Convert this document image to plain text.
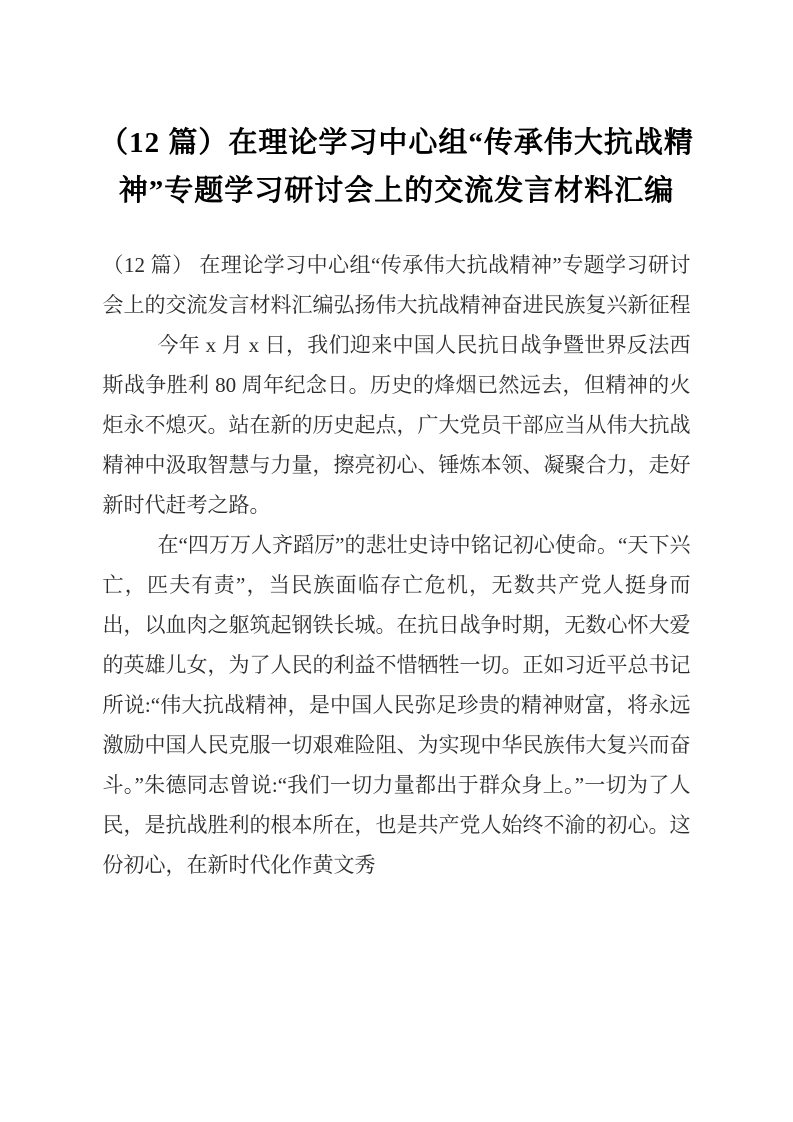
（12 篇）在理论学习中心组“传承伟大抗战精神”专题学习研讨会上的交流发言材料汇编

（12 篇） 在理论学习中心组“传承伟大抗战精神”专题学习研讨会上的交流发言材料汇编弘扬伟大抗战精神奋进民族复兴新征程

今年 x 月 x 日，我们迎来中国人民抗日战争暨世界反法西斯战争胜利 80 周年纪念日。历史的烽烟已然远去，但精神的火炬永不熄灭。站在新的历史起点，广大党员干部应当从伟大抗战精神中汲取智慧与力量，擦亮初心、锤炼本领、凝聚合力，走好新时代赶考之路。

在“四万万人齐蹈厉”的悲壮史诗中铭记初心使命。“天下兴亡，匹夫有责”，当民族面临存亡危机，无数共产党人挺身而出，以血肉之躯筑起钢铁长城。在抗日战争时期，无数心怀大爱的英雄儿女，为了人民的利益不惜牺牲一切。正如习近平总书记所说:“伟大抗战精神，是中国人民弥足珍贵的精神财富，将永远激励中国人民克服一切艰难险阻、为实现中华民族伟大复兴而奋斗。”朱德同志曾说:“我们一切力量都出于群众身上。”一切为了人民，是抗战胜利的根本所在，也是共产党人始终不渝的初心。这份初心，在新时代化作黄文秀
